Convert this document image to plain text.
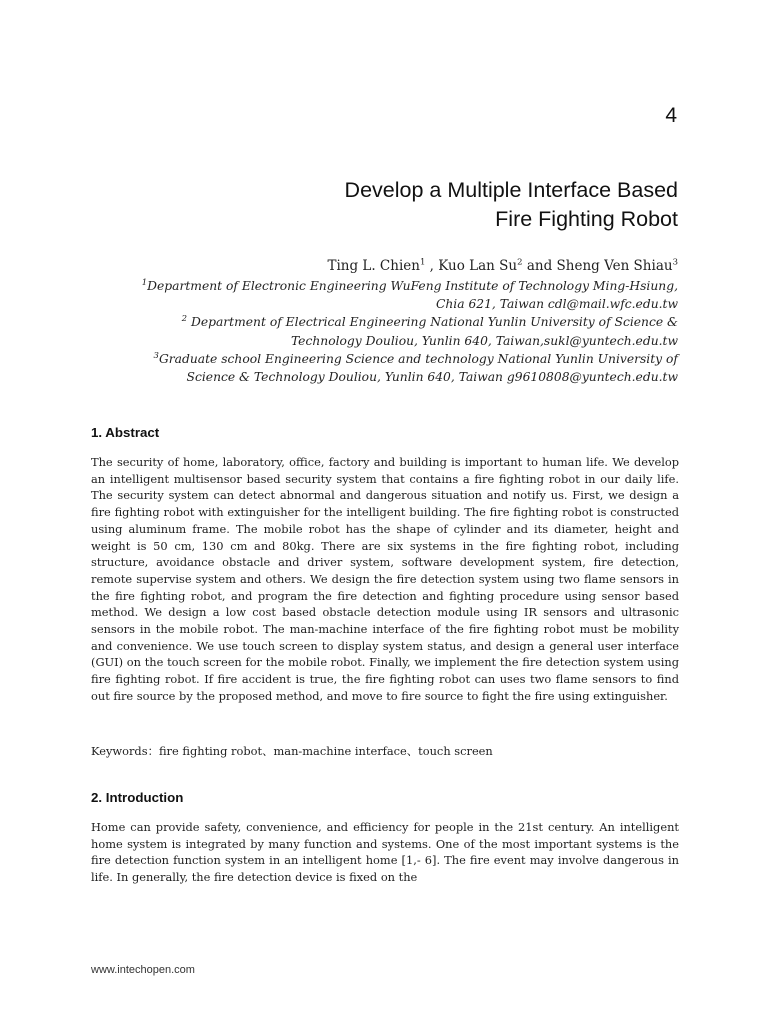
4
Develop a Multiple Interface Based
Fire Fighting Robot
Ting L. Chien$^1$ , Kuo Lan Su$^2$ and Sheng Ven Shiau$^3$
$^1$Department of Electronic Engineering WuFeng Institute of Technology Ming-Hsiung,
Chia 621, Taiwan cdl@mail.wfc.edu.tw
$^2$ Department of Electrical Engineering National Yunlin University of Science &
Technology Douliou, Yunlin 640, Taiwan,sukl@yuntech.edu.tw
$^3$Graduate school Engineering Science and technology National Yunlin University of
Science & Technology Douliou, Yunlin 640, Taiwan g9610808@yuntech.edu.tw
1. Abstract
The security of home, laboratory, office, factory and building is important to human life. We develop an intelligent multisensor based security system that contains a fire fighting robot in our daily life. The security system can detect abnormal and dangerous situation and notify us. First, we design a fire fighting robot with extinguisher for the intelligent building. The fire fighting robot is constructed using aluminum frame. The mobile robot has the shape of cylinder and its diameter, height and weight is 50 cm, 130 cm and 80kg. There are six systems in the fire fighting robot, including structure, avoidance obstacle and driver system, software development system, fire detection, remote supervise system and others. We design the fire detection system using two flame sensors in the fire fighting robot, and program the fire detection and fighting procedure using sensor based method. We design a low cost based obstacle detection module using IR sensors and ultrasonic sensors in the mobile robot. The man-machine interface of the fire fighting robot must be mobility and convenience. We use touch screen to display system status, and design a general user interface (GUI) on the touch screen for the mobile robot. Finally, we implement the fire detection system using fire fighting robot. If fire accident is true, the fire fighting robot can uses two flame sensors to find out fire source by the proposed method, and move to fire source to fight the fire using extinguisher.
Keywords：fire fighting robot、man-machine interface、touch screen
2. Introduction
Home can provide safety, convenience, and efficiency for people in the 21st century. An intelligent home system is integrated by many function and systems. One of the most important systems is the fire detection function system in an intelligent home [1,- 6]. The fire event may involve dangerous in life. In generally, the fire detection device is fixed on the
www.intechopen.com
